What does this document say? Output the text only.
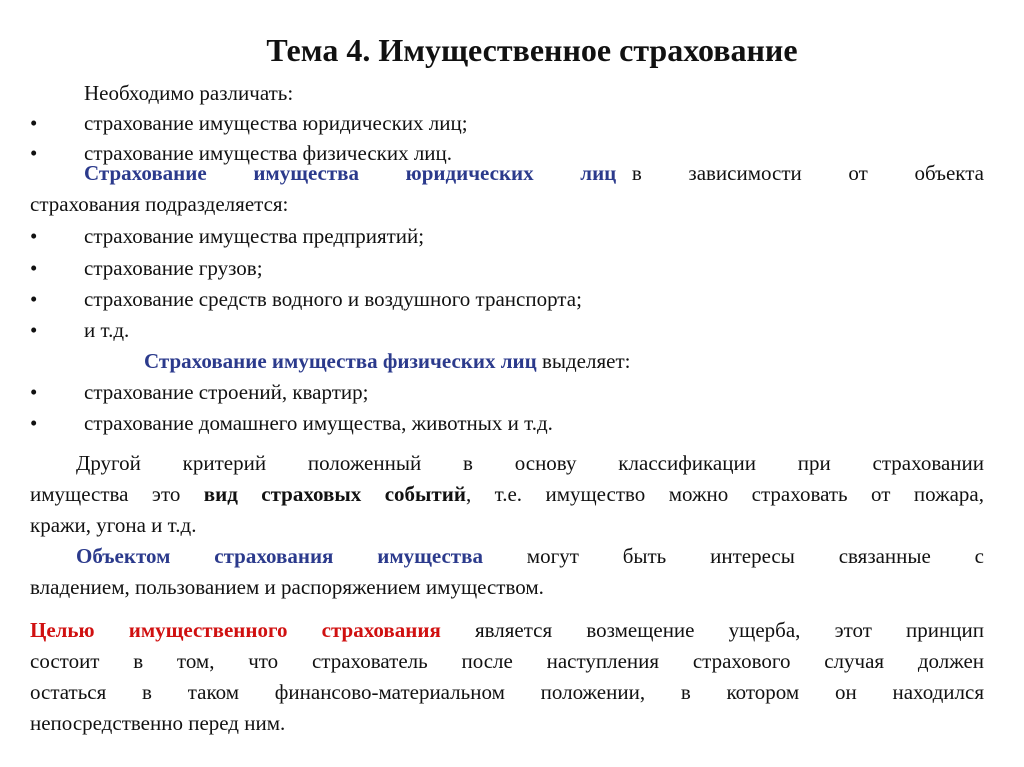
Тема 4. Имущественное страхование
Необходимо различать:
• страхование имущества юридических лиц;
• страхование имущества физических лиц.
Страхование   имущества   юридических   лиц в   зависимости   от   объекта
страхования подразделяется:
• страхование имущества предприятий;
• страхование грузов;
• страхование средств водного и воздушного транспорта;
• и т.д.
Страхование имущества физических лиц выделяет:
• страхование строений, квартир;
• страхование домашнего имущества, животных и т.д.
Другой   критерий   положенный   в   основу   классификации   при   страховании
имущества это вид страховых событий, т.е. имущество можно страховать от пожара,
кражи, угона и т.д.
Объектом   страхования   имущества   могут   быть   интересы   связанные   с
владением, пользованием и распоряжением имуществом.
Целью имущественного страхования является возмещение ущерба, этот принцип
состоит  в  том,  что  страхователь  после  наступления  страхового  случая  должен
остаться  в  таком  финансово-материальном  положении,  в  котором  он  находился
непосредственно перед ним.
